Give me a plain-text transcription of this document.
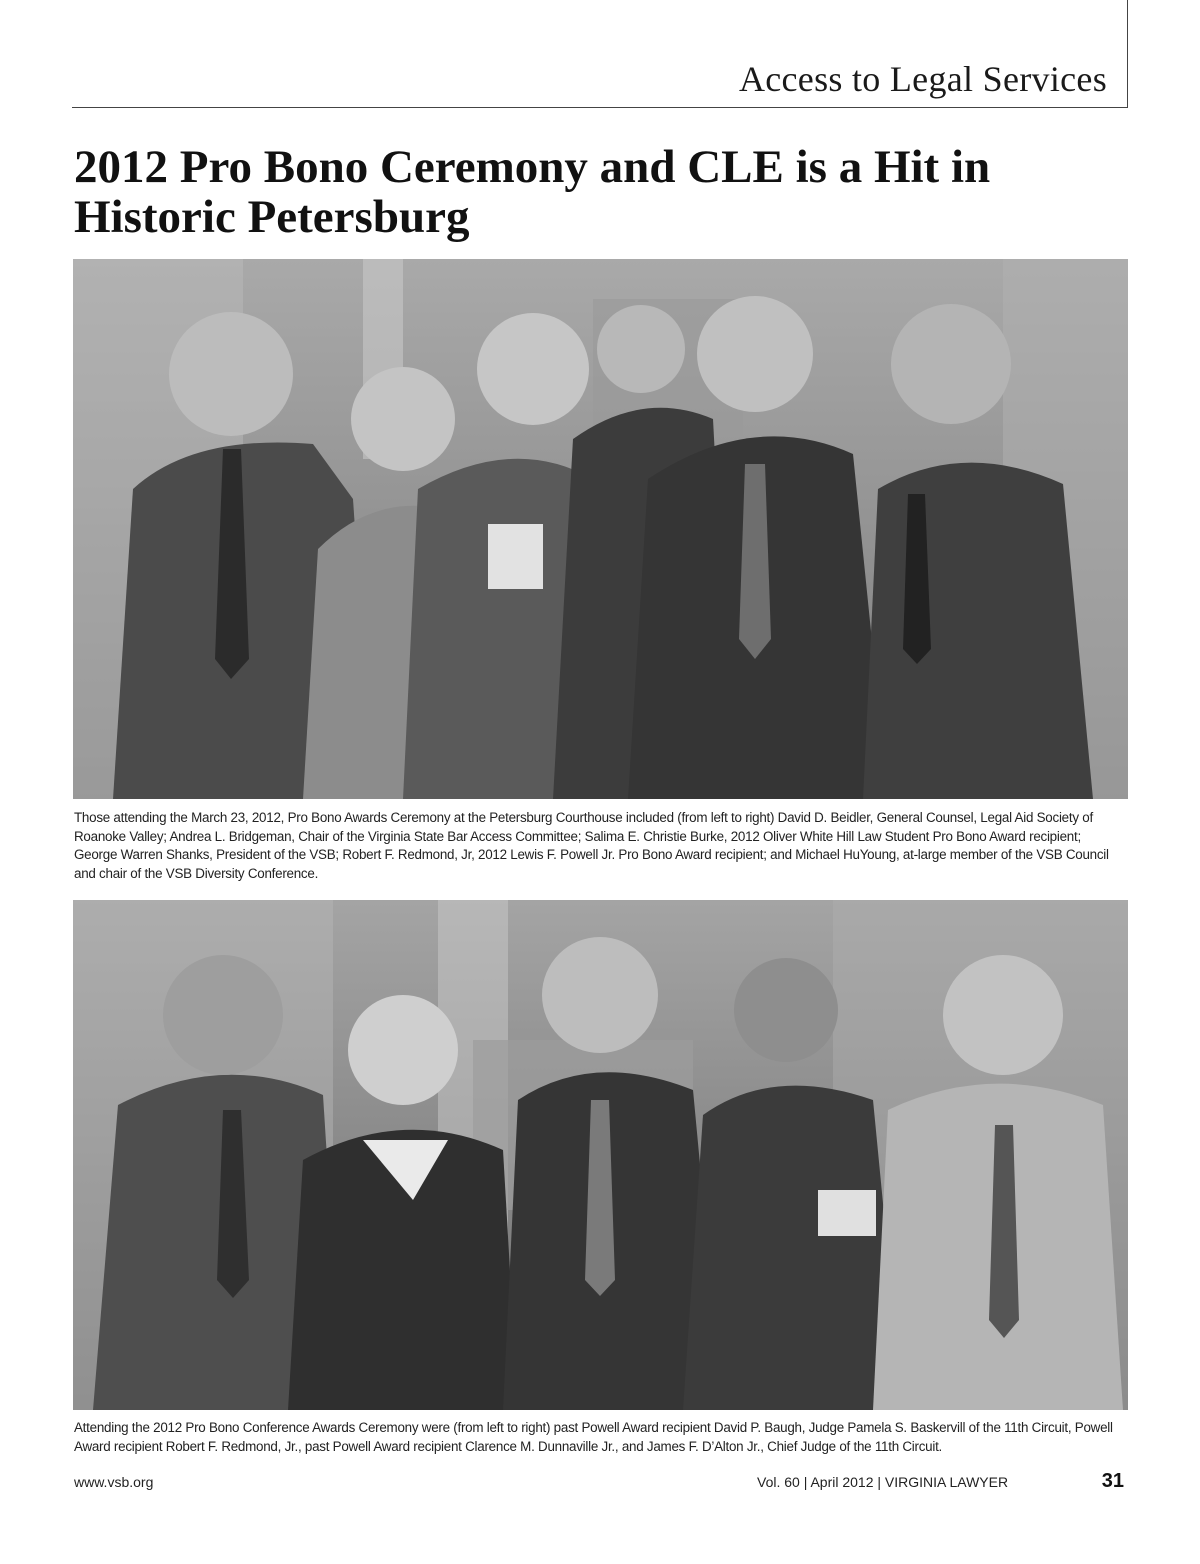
Access to Legal Services
2012 Pro Bono Ceremony and CLE is a Hit in
Historic Petersburg

Those attending the March 23, 2012, Pro Bono Awards Ceremony at the Petersburg Courthouse included (from left to right) David D. Beidler, General Counsel, Legal Aid Society of Roanoke Valley; Andrea L. Bridgeman, Chair of the Virginia State Bar Access Committee; Salima E. Christie Burke, 2012 Oliver White Hill Law Student Pro Bono Award recipient; George Warren Shanks, President of the VSB; Robert F. Redmond, Jr, 2012 Lewis F. Powell Jr. Pro Bono Award recipient; and Michael HuYoung, at-large member of the VSB Council and chair of the VSB Diversity Conference.

Attending the 2012 Pro Bono Conference Awards Ceremony were (from left to right) past Powell Award recipient David P. Baugh, Judge Pamela S. Baskervill of the 11th Circuit, Powell Award recipient Robert F. Redmond, Jr., past Powell Award recipient Clarence M. Dunnaville Jr., and James F. D’Alton Jr., Chief Judge of the 11th Circuit.

www.vsb.org	Vol. 60 | April 2012 | VIRGINIA LAWYER	31
